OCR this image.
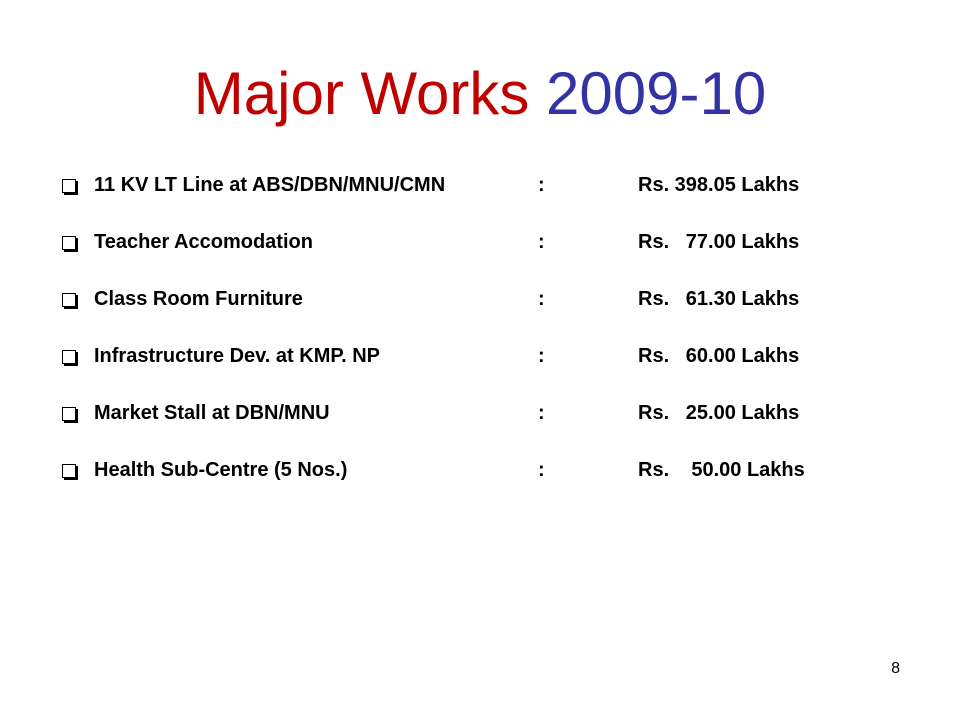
Major Works 2009-10
11 KV LT Line at ABS/DBN/MNU/CMN	:	Rs. 398.05 Lakhs
Teacher Accomodation	:	Rs.   77.00 Lakhs
Class Room Furniture	:	Rs.   61.30 Lakhs
Infrastructure Dev. at KMP. NP	:	Rs.   60.00 Lakhs
Market Stall at DBN/MNU	:	Rs.   25.00 Lakhs
Health Sub-Centre (5 Nos.)	:	Rs.    50.00 Lakhs
8
